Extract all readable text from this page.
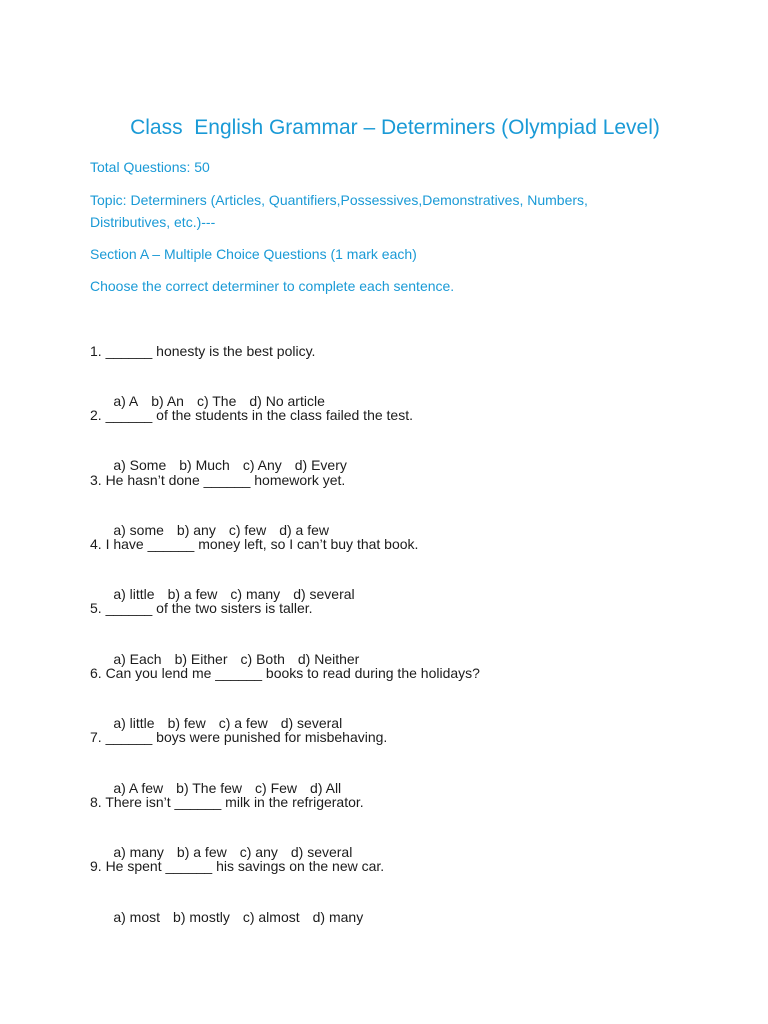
Class  English Grammar – Determiners (Olympiad Level)

Total Questions: 50

Topic: Determiners (Articles, Quantifiers,Possessives,Demonstratives, Numbers, Distributives, etc.)---

Section A – Multiple Choice Questions (1 mark each)

Choose the correct determiner to complete each sentence.

1. ______ honesty is the best policy.

a) A b) An c) The d) No article

2. ______ of the students in the class failed the test.

a) Some b) Much c) Any d) Every

3. He hasn’t done ______ homework yet.

a) some b) any c) few d) a few

4. I have ______ money left, so I can’t buy that book.

a) little b) a few c) many d) several

5. ______ of the two sisters is taller.

a) Each b) Either c) Both d) Neither

6. Can you lend me ______ books to read during the holidays?

a) little b) few c) a few d) several

7. ______ boys were punished for misbehaving.

a) A few b) The few c) Few d) All

8. There isn’t ______ milk in the refrigerator.

a) many b) a few c) any d) several

9. He spent ______ his savings on the new car.

a) most b) mostly c) almost d) many
